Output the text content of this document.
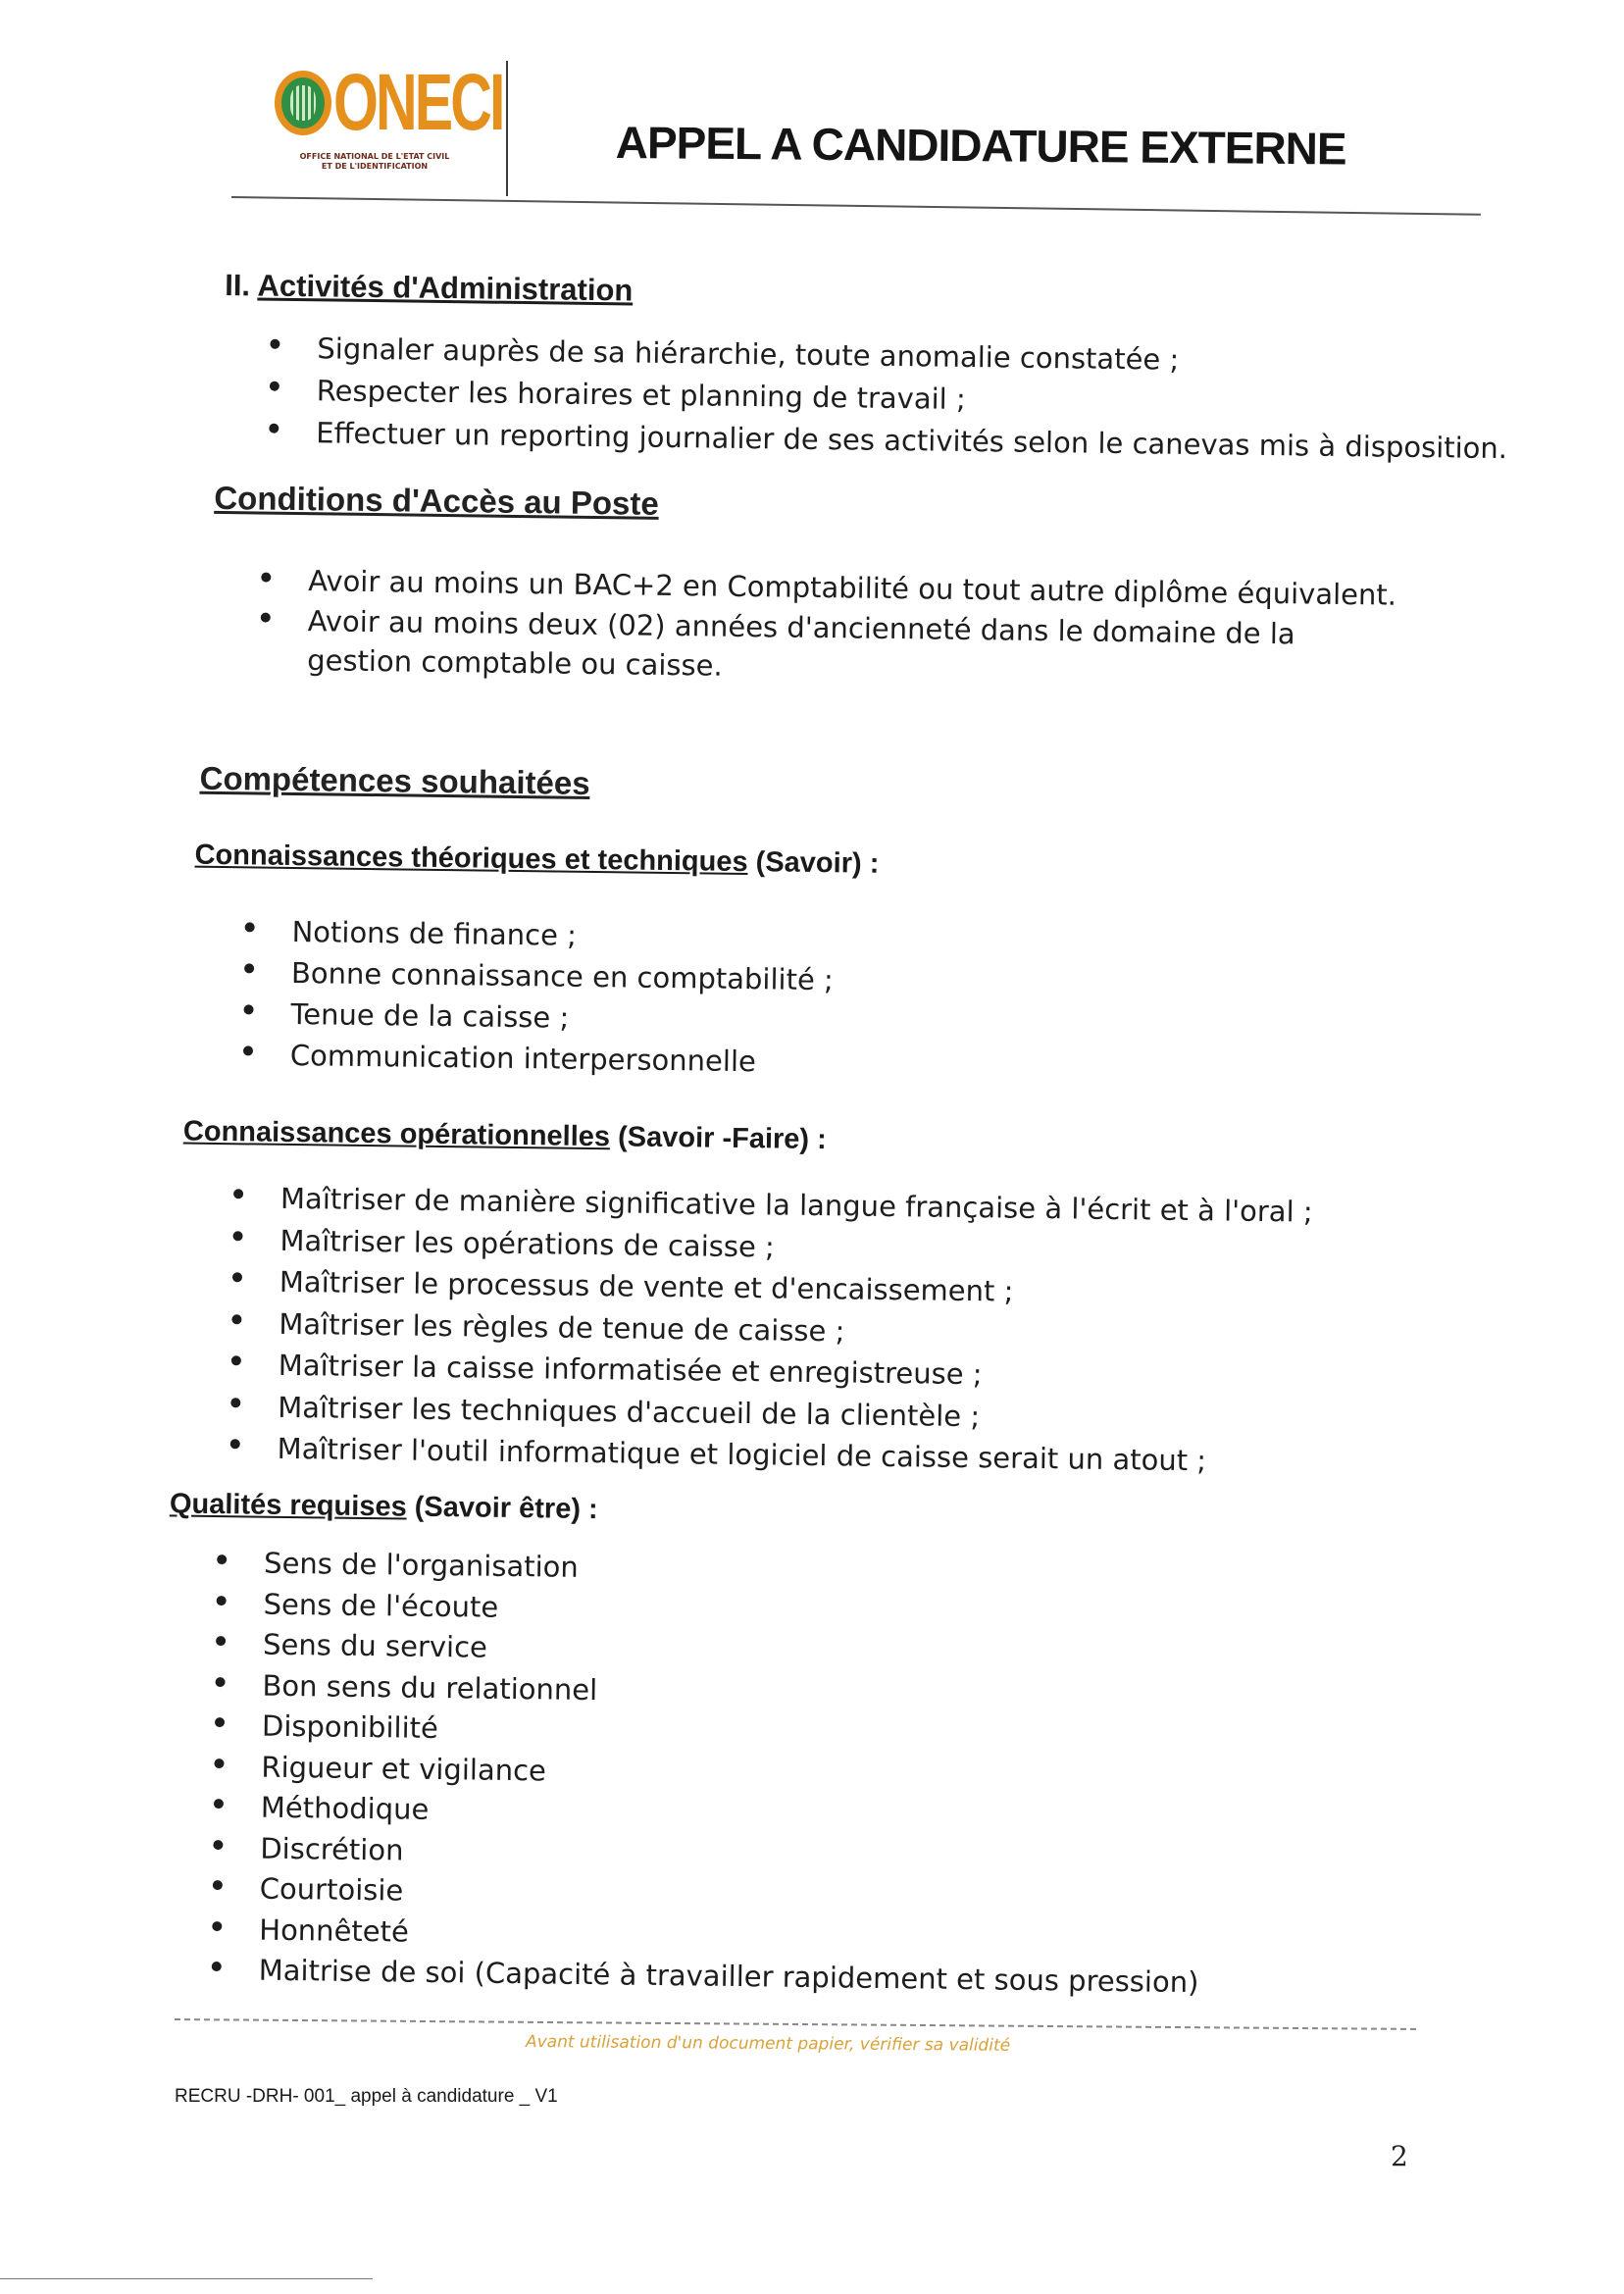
ONECI
OFFICE NATIONAL DE L'ETAT CIVIL
ET DE L'IDENTIFICATION	APPEL A CANDIDATURE EXTERNE
II. Activités d'Administration
Signaler auprès de sa hiérarchie, toute anomalie constatée ;
Respecter les horaires et planning de travail ;
Effectuer un reporting journalier de ses activités selon le canevas mis à disposition.
Conditions d'Accès au Poste
Avoir au moins un BAC+2 en Comptabilité ou tout autre diplôme équivalent.
Avoir au moins deux (02) années d'ancienneté dans le domaine de la gestion comptable ou caisse.
Compétences souhaitées
Connaissances théoriques et techniques (Savoir) :
Notions de finance ;
Bonne connaissance en comptabilité ;
Tenue de la caisse ;
Communication interpersonnelle
Connaissances opérationnelles (Savoir -Faire) :
Maîtriser de manière significative la langue française à l'écrit et à l'oral ;
Maîtriser les opérations de caisse ;
Maîtriser le processus de vente et d'encaissement ;
Maîtriser les règles de tenue de caisse ;
Maîtriser la caisse informatisée et enregistreuse ;
Maîtriser les techniques d'accueil de la clientèle ;
Maîtriser l'outil informatique et logiciel de caisse serait un atout ;
Qualités requises (Savoir être) :
Sens de l'organisation
Sens de l'écoute
Sens du service
Bon sens du relationnel
Disponibilité
Rigueur et vigilance
Méthodique
Discrétion
Courtoisie
Honnêteté
Maitrise de soi (Capacité à travailler rapidement et sous pression)
Avant utilisation d'un document papier, vérifier sa validité
RECRU -DRH- 001_ appel à candidature _ V1
2
